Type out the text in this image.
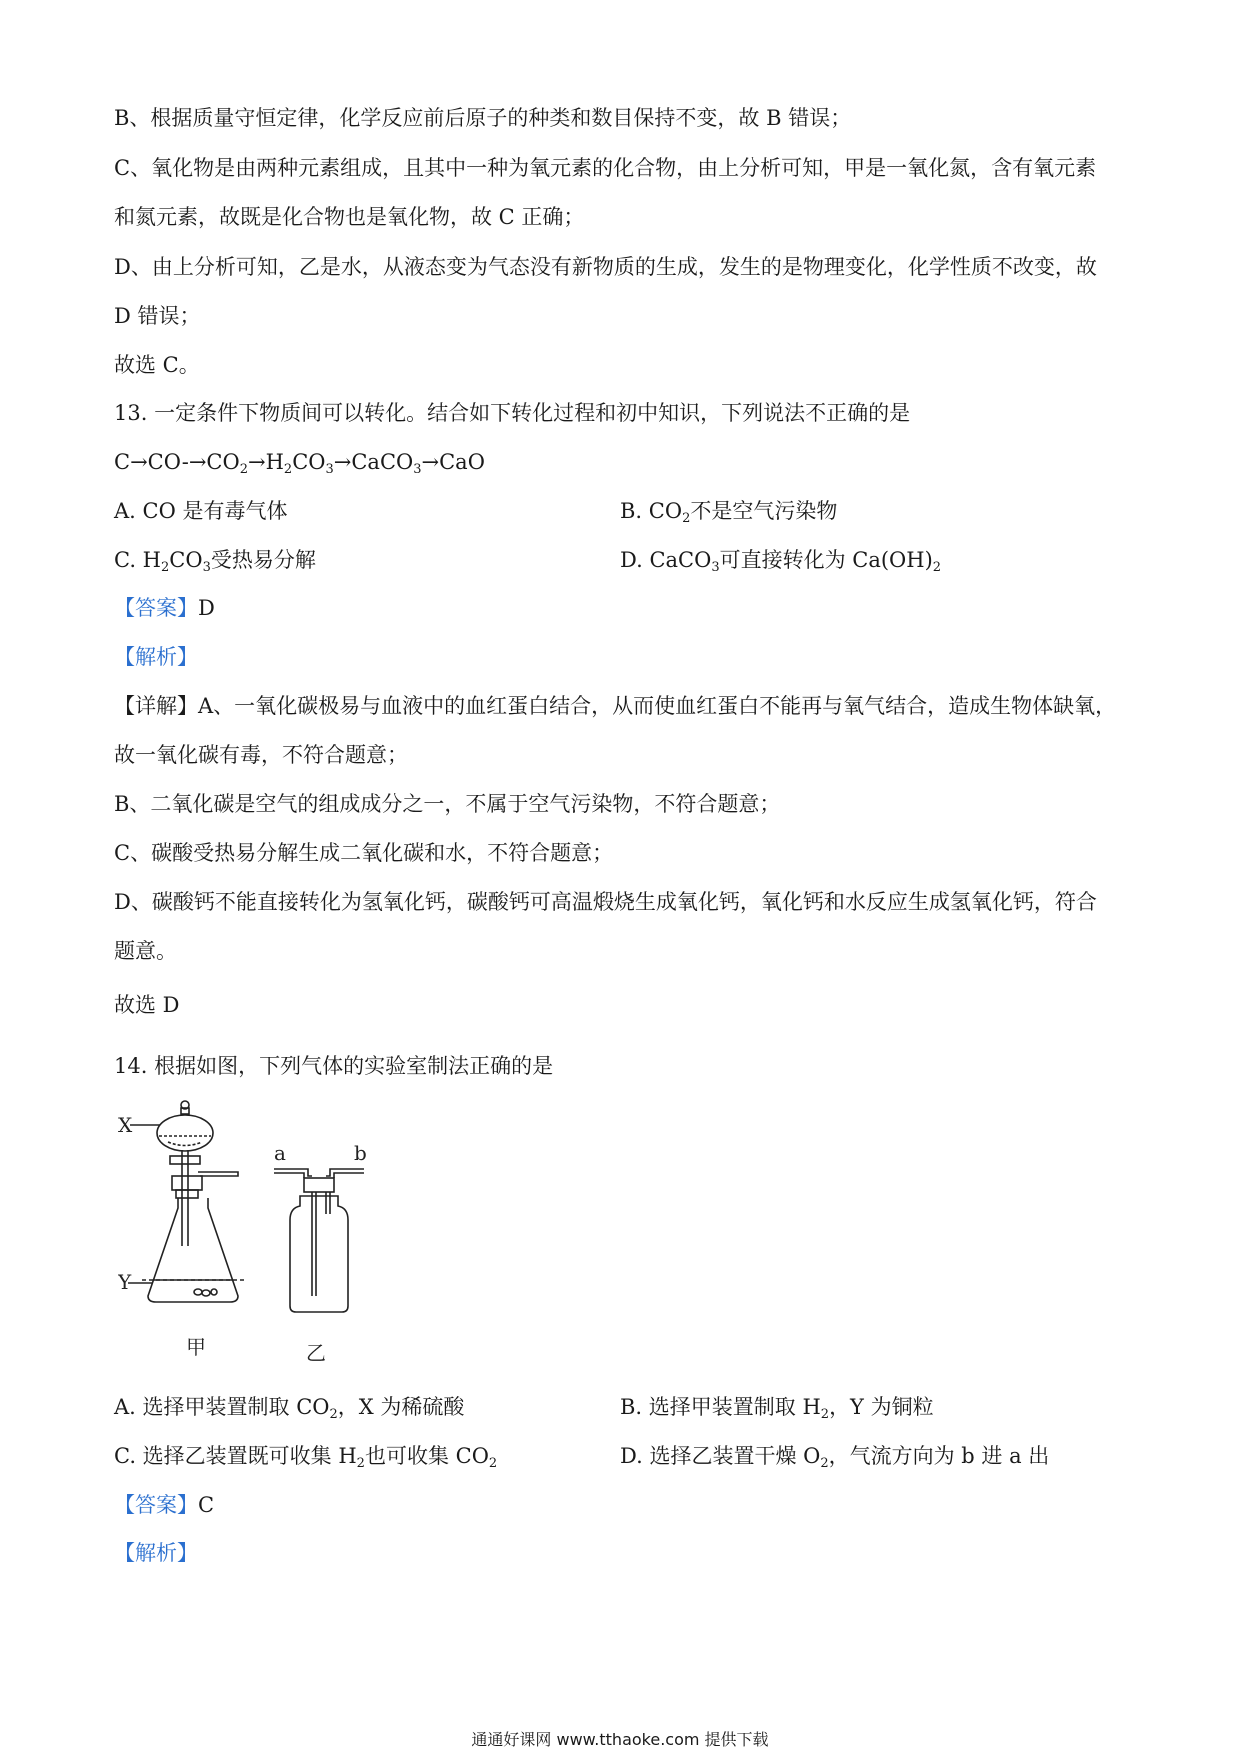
B、根据质量守恒定律，化学反应前后原子的种类和数目保持不变，故 B 错误；
C、氧化物是由两种元素组成，且其中一种为氧元素的化合物，由上分析可知，甲是一氧化氮，含有氧元素
和氮元素，故既是化合物也是氧化物，故 C 正确；
D、由上分析可知，乙是水，从液态变为气态没有新物质的生成，发生的是物理变化，化学性质不改变，故
D 错误；
故选 C。
13. 一定条件下物质间可以转化。结合如下转化过程和初中知识，下列说法不正确的是
$C\to CO-\to CO_2\to H_2CO_3\to CaCO_3\to CaO$
A. CO 是有毒气体	B. $CO_2$不是空气污染物
C. $H_2CO_3$受热易分解	D. CaCO$_3$可直接转化为 $Ca(OH)_2$
【答案】D
【解析】
【详解】A、一氧化碳极易与血液中的血红蛋白结合，从而使血红蛋白不能再与氧气结合，造成生物体缺氧，
故一氧化碳有毒，不符合题意；
B、二氧化碳是空气的组成成分之一，不属于空气污染物，不符合题意；
C、碳酸受热易分解生成二氧化碳和水，不符合题意；
D、碳酸钙不能直接转化为氢氧化钙，碳酸钙可高温煅烧生成氧化钙，氧化钙和水反应生成氢氧化钙，符合
题意。
故选 D
14. 根据如图，下列气体的实验室制法正确的是
X
Y
甲
a	b
乙
A. 选择甲装置制取 $CO_2$，X 为稀硫酸	B. 选择甲装置制取 $H_2$，Y 为铜粒
C. 选择乙装置既可收集 $H_2$也可收集 $CO_2$	D. 选择乙装置干燥 $O_2$，气流方向为 b 进 a 出
【答案】C
【解析】
通通好课网 www.tthaoke.com 提供下载
